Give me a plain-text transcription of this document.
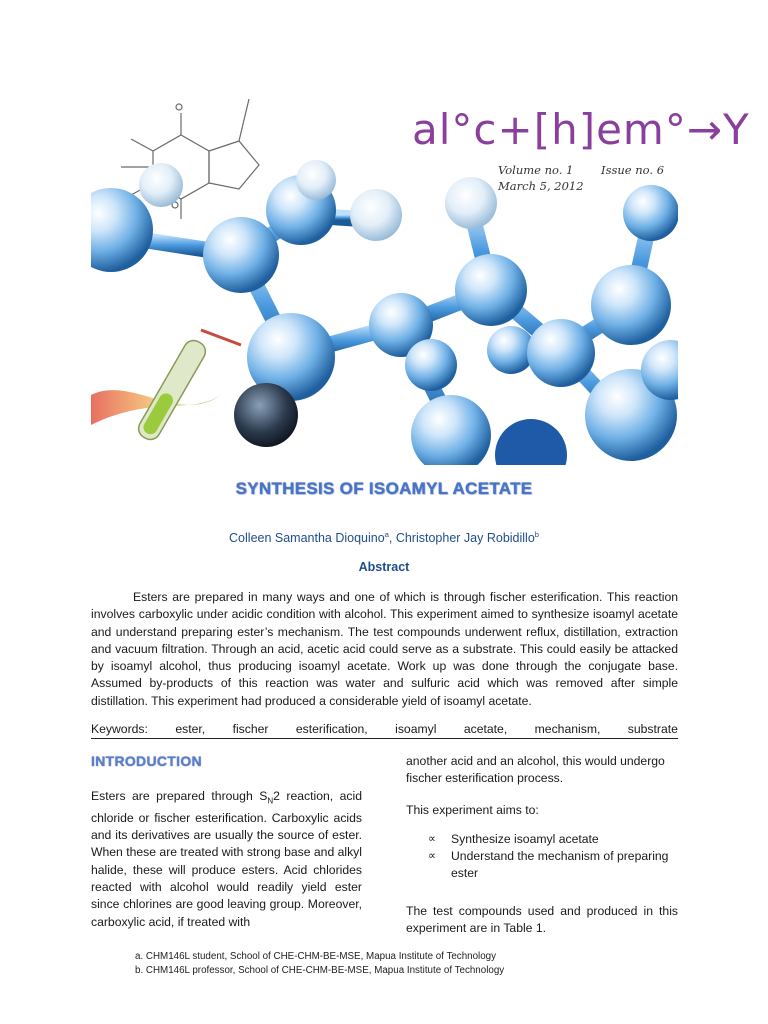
al°c+[h]em°→Y
Volume no. 1 Issue no. 6
March 5, 2012
SYNTHESIS OF ISOAMYL ACETATE
Colleen Samantha Dioquino$^a$, Christopher Jay Robidillo$^b$
Abstract
Esters are prepared in many ways and one of which is through fischer esterification. This reaction involves carboxylic under acidic condition with alcohol. This experiment aimed to synthesize isoamyl acetate and understand preparing ester’s mechanism. The test compounds underwent reflux, distillation, extraction and vacuum filtration. Through an acid, acetic acid could serve as a substrate. This could easily be attacked by isoamyl alcohol, thus producing isoamyl acetate. Work up was done through the conjugate base. Assumed by-products of this reaction was water and sulfuric acid which was removed after simple distillation. This experiment had produced a considerable yield of isoamyl acetate.
Keywords: ester, fischer esterification, isoamyl acetate, mechanism, substrate
INTRODUCTION
Esters are prepared through $S_N2$ reaction, acid chloride or fischer esterification. Carboxylic acids and its derivatives are usually the source of ester. When these are treated with strong base and alkyl halide, these will produce esters. Acid chlorides reacted with alcohol would readily yield ester since chlorines are good leaving group. Moreover, carboxylic acid, if treated with

another acid and an alcohol, this would undergo fischer esterification process.

This experiment aims to:

∝ Synthesize isoamyl acetate
∝ Understand the mechanism of preparing ester

The test compounds used and produced in this experiment are in Table 1.

a. CHM146L student, School of CHE-CHM-BE-MSE, Mapua Institute of Technology
b. CHM146L professor, School of CHE-CHM-BE-MSE, Mapua Institute of Technology
